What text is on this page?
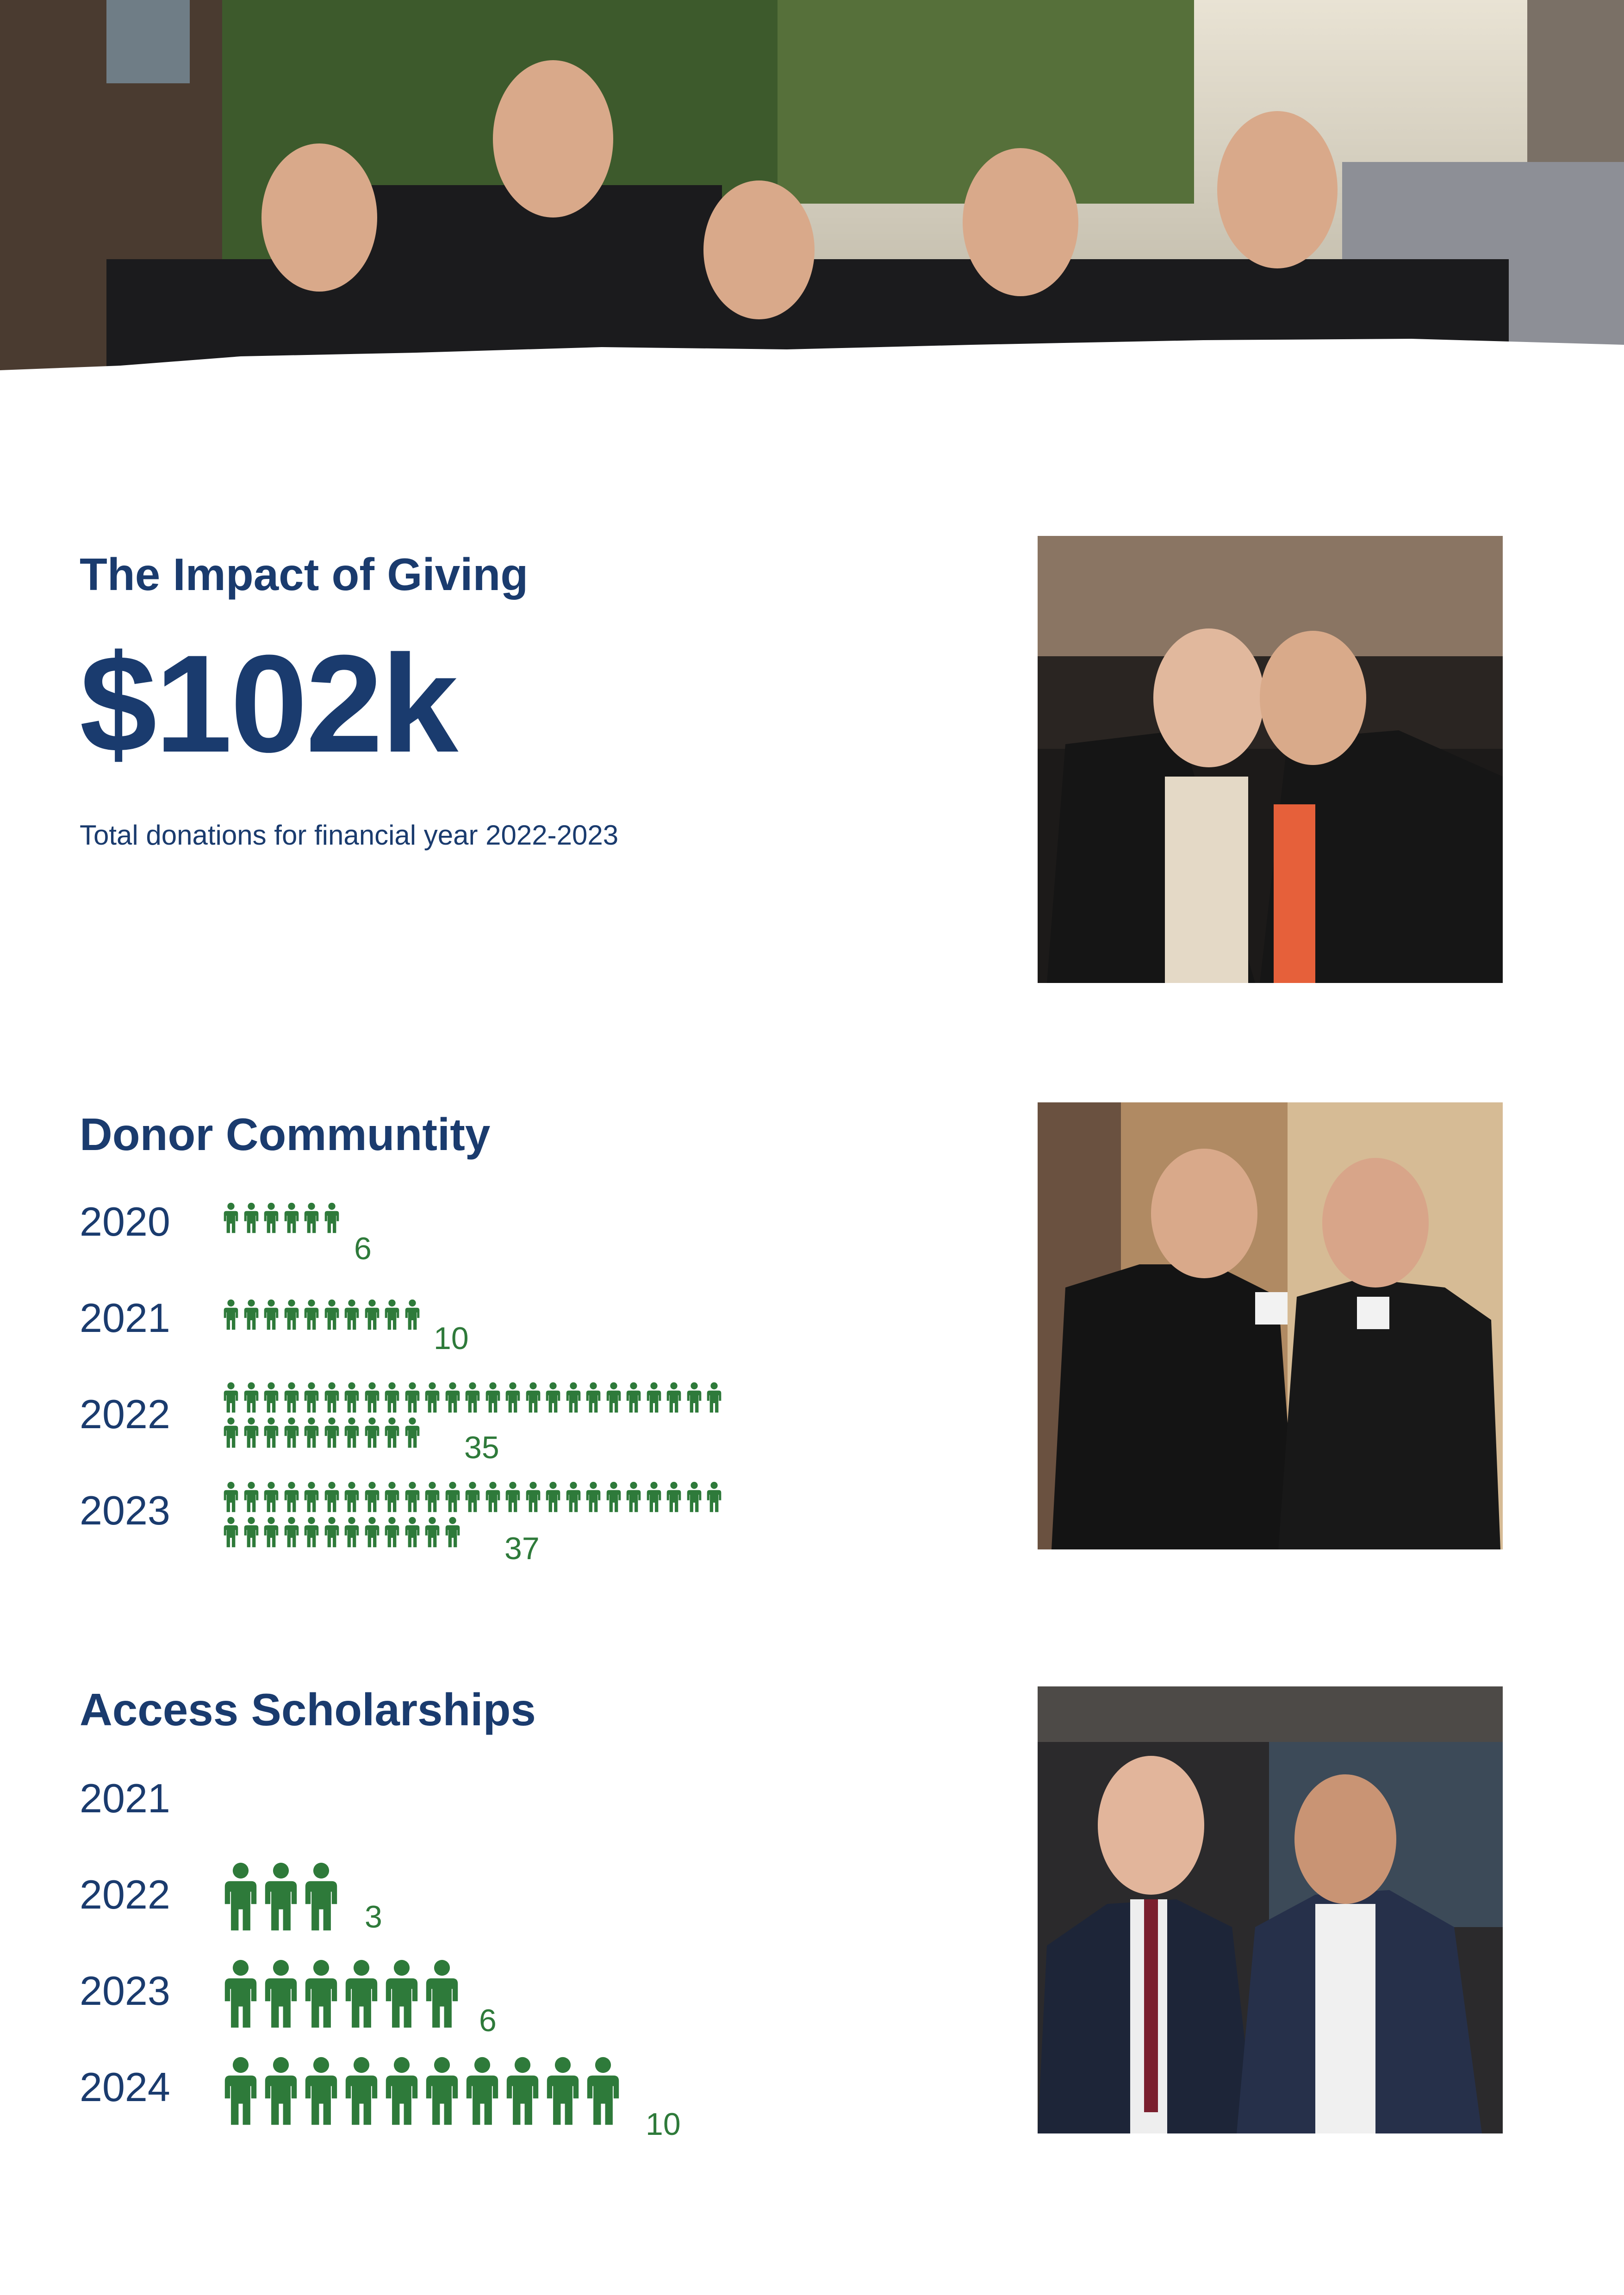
The Impact of Giving
$102k

Total donations for financial year 2022-2023

Donor Communtity
2020
6
2021	10
2022
35
2023
37
Access Scholarships
2021
2022	3
2023
6
2024
10
